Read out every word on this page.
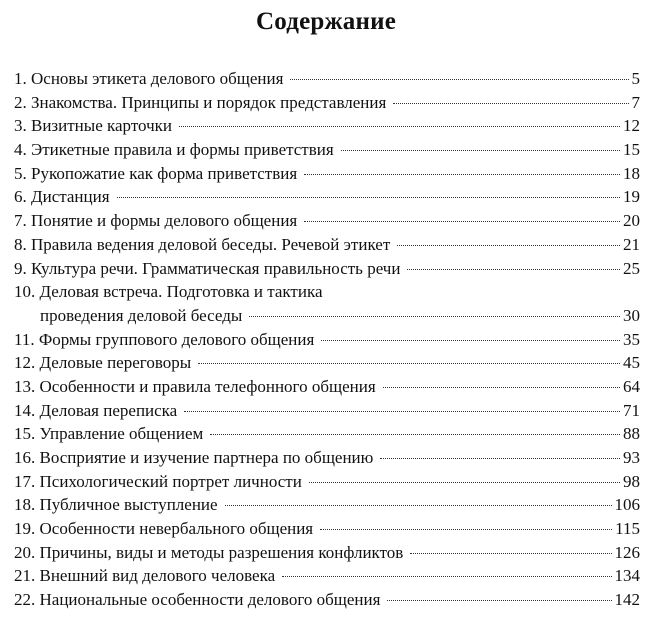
Содержание
1. Основы этикета делового общения	5
2. Знакомства. Принципы и порядок представления	7
3. Визитные карточки	12
4. Этикетные правила и формы приветствия	15
5. Рукопожатие как форма приветствия	18
6. Дистанция	19
7. Понятие и формы делового общения	20
8. Правила ведения деловой беседы. Речевой этикет	21
9. Культура речи. Грамматическая правильность речи	25
10. Деловая встреча. Подготовка и тактика
проведения деловой беседы	30
11. Формы группового делового общения	35
12. Деловые переговоры	45
13. Особенности и правила телефонного общения	64
14. Деловая переписка	71
15. Управление общением	88
16. Восприятие и изучение партнера по общению	93
17. Психологический портрет личности	98
18. Публичное выступление	106
19. Особенности невербального общения	115
20. Причины, виды и методы разрешения конфликтов	126
21. Внешний вид делового человека	134
22. Национальные особенности делового общения	142
